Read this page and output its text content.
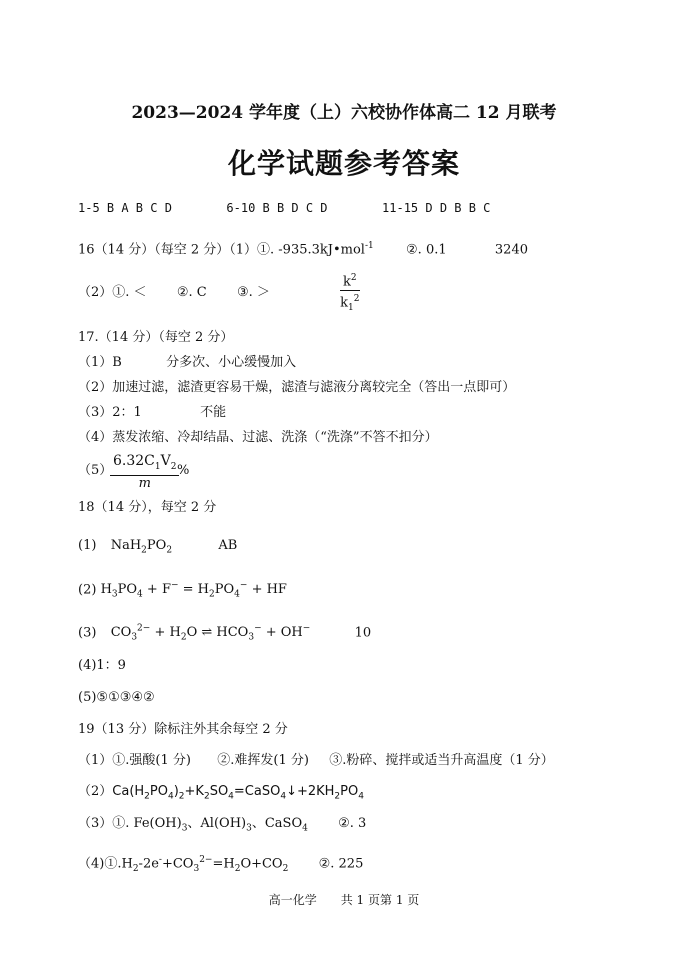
2023—2024 学年度（上）六校协作体高二 12 月联考
化学试题参考答案
1-5 B A B C D	6-10 B B D C D	11-15 D D B B C
16（14 分）（每空 2 分）（1）①. -935.3kJ•mol$^{-1}$ ②. 0.1	3240
（2）①. ＜ ②. C ③. ＞	$\frac{k^2}{k_1^2}$
17.（14 分）（每空 2 分）
（1）B	分多次、小心缓慢加入
（2）加速过滤，滤渣更容易干燥，滤渣与滤液分离较完全（答出一点即可）
（3）2：1	不能
（4）蒸发浓缩、冷却结晶、过滤、洗涤（“洗涤”不答不扣分）
（5）
$\frac{6.32C_1V_2}{m}$
%
18（14 分），每空 2 分
(1) $NaH_2PO_2$	AB
(2) $H_3PO_4 + F^- = H_2PO_4^-$ + HF
(3) $CO_3^{2-} + H_2O$ ⇌ $HCO_3^- + OH^-$	10
(4)1：9
(5)⑤①③④②
19（13 分）除标注外其余每空 2 分
（1）①.强酸(1 分) ②.难挥发(1 分) ③.粉碎、搅拌或适当升高温度（1 分）
$(2)Ca(H_2PO_4)_2+K_2SO_4=CaSO_4↓+2KH_2PO_4$
（3）①. $Fe(OH)_3$、$Al(OH)_3$、CaSO$_4$ ②. 3
$(4)①.H_2-2e^-+CO_3^{2-}=H_2O+CO_2$ ②. 225
高一化学　　共 1 页第 1 页
